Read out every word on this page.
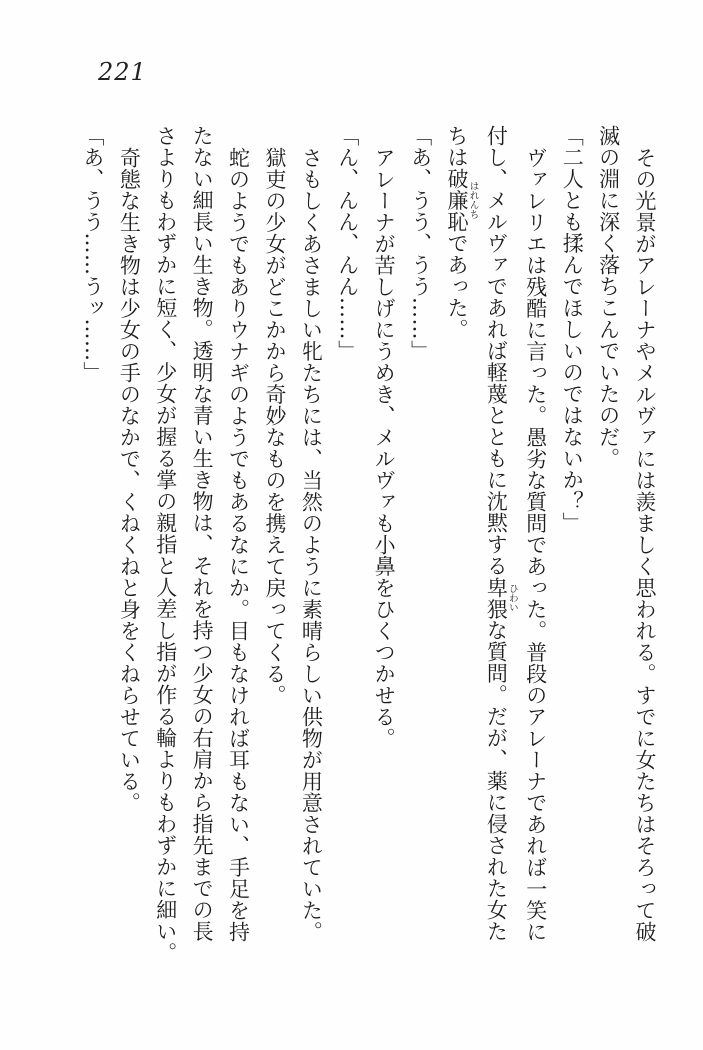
221

その光景がアレーナやメルヴァには羨ましく思われる。すでに女たちはそろって破

滅の淵に深く落ちこんでいたのだ。

「二人とも揉んでほしいのではないか？」

ヴァレリエは残酷に言った。愚劣な質問であった。普段のアレーナであれば一笑に

付し、メルヴァであれば軽蔑とともに沈黙する卑猥ひわいな質問。だが、薬に侵された女た

ちは破廉恥はれんちであった。

「あ、うう、うう……」

アレーナが苦しげにうめき、メルヴァも小鼻をひくつかせる。

「ん、んん、んん……」

さもしくあさましい牝たちには、当然のように素晴らしい供物が用意されていた。

獄吏の少女がどこかから奇妙なものを携えて戻ってくる。

蛇のようでもありウナギのようでもあるなにか。目もなければ耳もない、手足を持

たない細長い生き物。透明な青い生き物は、それを持つ少女の右肩から指先までの長

さよりもわずかに短く、少女が握る掌の親指と人差し指が作る輪よりもわずかに細い。

奇態な生き物は少女の手のなかで、くねくねと身をくねらせている。

「あ、うう……うッ……」
